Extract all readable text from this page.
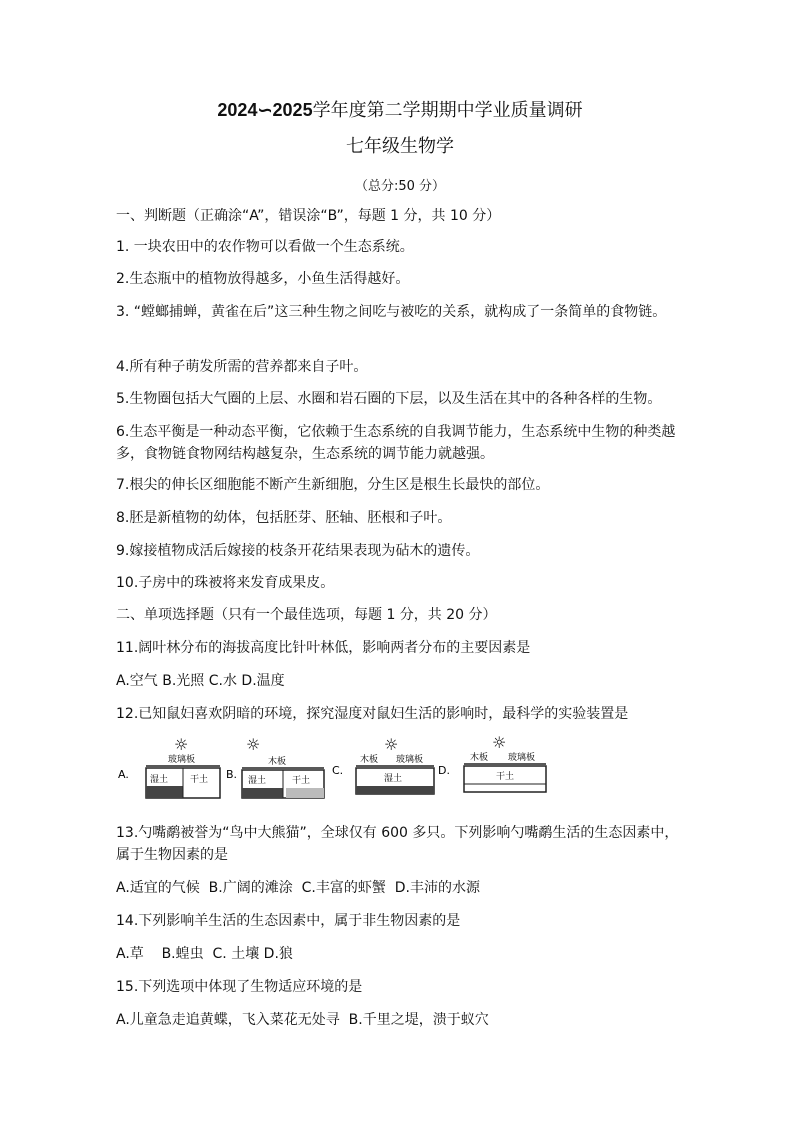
2024∽2025学年度第二学期期中学业质量调研
七年级生物学
（总分:50 分）
一、判断题（正确涂“A”，错误涂“B”，每题 1 分，共 10 分）
1. 一块农田中的农作物可以看做一个生态系统。
2.生态瓶中的植物放得越多，小鱼生活得越好。
3. “螳螂捕蝉，黄雀在后”这三种生物之间吃与被吃的关系，就构成了一条简单的食物链。
4.所有种子萌发所需的营养都来自子叶。
5.生物圈包括大气圈的上层、水圈和岩石圈的下层，以及生活在其中的各种各样的生物。
6.生态平衡是一种动态平衡，它依赖于生态系统的自我调节能力，生态系统中生物的种类越多，食物链食物网结构越复杂，生态系统的调节能力就越强。
7.根尖的伸长区细胞能不断产生新细胞，分生区是根生长最快的部位。
8.胚是新植物的幼体，包括胚芽、胚轴、胚根和子叶。
9.嫁接植物成活后嫁接的枝条开花结果表现为砧木的遗传。
10.子房中的珠被将来发育成果皮。
二、单项选择题（只有一个最佳选项，每题 1 分，共 20 分）
11.阔叶林分布的海拔高度比针叶林低，影响两者分布的主要因素是
A.空气 B.光照 C.水 D.温度
12.已知鼠妇喜欢阴暗的环境，探究湿度对鼠妇生活的影响时，最科学的实验装置是
A.
☼
玻璃板
湿土 干土 B.
☼
木板
湿土	干土
C.
☼
木板 玻璃板
湿土
D.
☼
木板 玻璃板
干土
13.勺嘴鹬被誉为“鸟中大熊猫”，全球仅有 600 多只。下列影响勺嘴鹬生活的生态因素中，属于生物因素的是
A.适宜的气候  B.广阔的滩涂  C.丰富的虾蟹  D.丰沛的水源
14.下列影响羊生活的生态因素中，属于非生物因素的是
A.草    B.蝗虫  C. 土壤 D.狼
15.下列选项中体现了生物适应环境的是
A.儿童急走追黄蝶，飞入菜花无处寻  B.千里之堤，溃于蚁穴
